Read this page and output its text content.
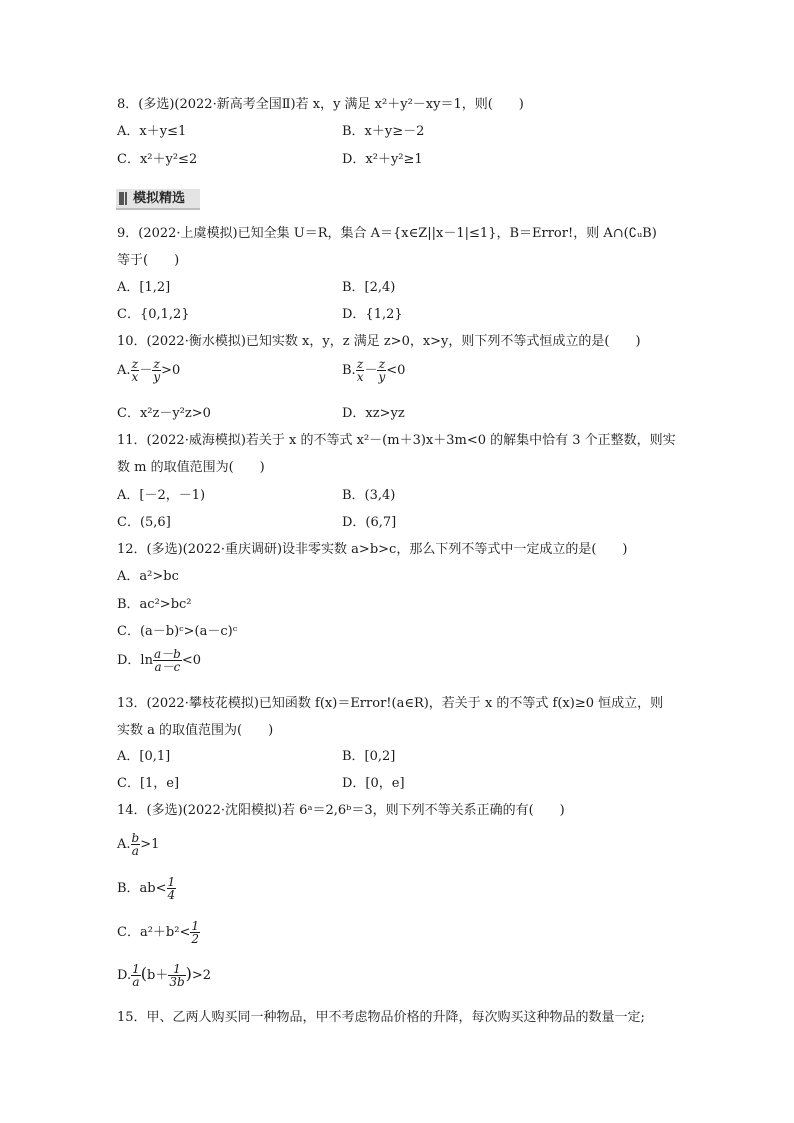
8．(多选)(2022·新高考全国Ⅱ)若 x，y 满足 x²＋y²－xy＝1，则(　　)
A．x＋y≤1	B．x＋y≥－2
C．x²＋y²≤2	D．x²＋y²≥1
模拟精选
9．(2022·上虞模拟)已知全集 U＝R，集合 A＝{x∈Z||x－1|≤1}，B＝Error!，则 A∩(∁ᵤB)
等于(　　)
A．[1,2]	B．[2,4)
C．{0,1,2}	D．{1,2}
10．(2022·衡水模拟)已知实数 x，y，z 满足 z>0，x>y，则下列不等式恒成立的是(　　)
A. $\frac{z}{x} - \frac{z}{y} >0$	B. $\frac{z}{x} - \frac{z}{y} <0$
C．x²z－y²z>0	D．xz>yz
11．(2022·威海模拟)若关于 x 的不等式 x²－(m＋3)x＋3m<0 的解集中恰有 3 个正整数，则实
数 m 的取值范围为(　　)
A．[－2，－1)	B．(3,4)
C．(5,6]	D．(6,7]
12．(多选)(2022·重庆调研)设非零实数 a>b>c，那么下列不等式中一定成立的是(　　)
A．a²>bc
B．ac²>bc²
C．(a－b)ᶜ>(a－c)ᶜ
D．$\ln \frac{a-b}{a-c} <0$
13．(2022·攀枝花模拟)已知函数 f(x)＝Error!(a∈R)，若关于 x 的不等式 f(x)≥0 恒成立，则
实数 a 的取值范围为(　　)
A．[0,1]	B．[0,2]
C．[1，e]	D．[0，e]
14．(多选)(2022·沈阳模拟)若 6ᵃ＝2,6ᵇ＝3，则下列不等关系正确的有(　　)
A. $\frac{b}{a} >1$
B．$ab< \frac{1}{4}$
C．$a^2+b^2< \frac{1}{2}$
D. $\frac{1}{a} (b+ \frac{1}{3b} )>2$
15．甲、乙两人购买同一种物品，甲不考虑物品价格的升降，每次购买这种物品的数量一定;
